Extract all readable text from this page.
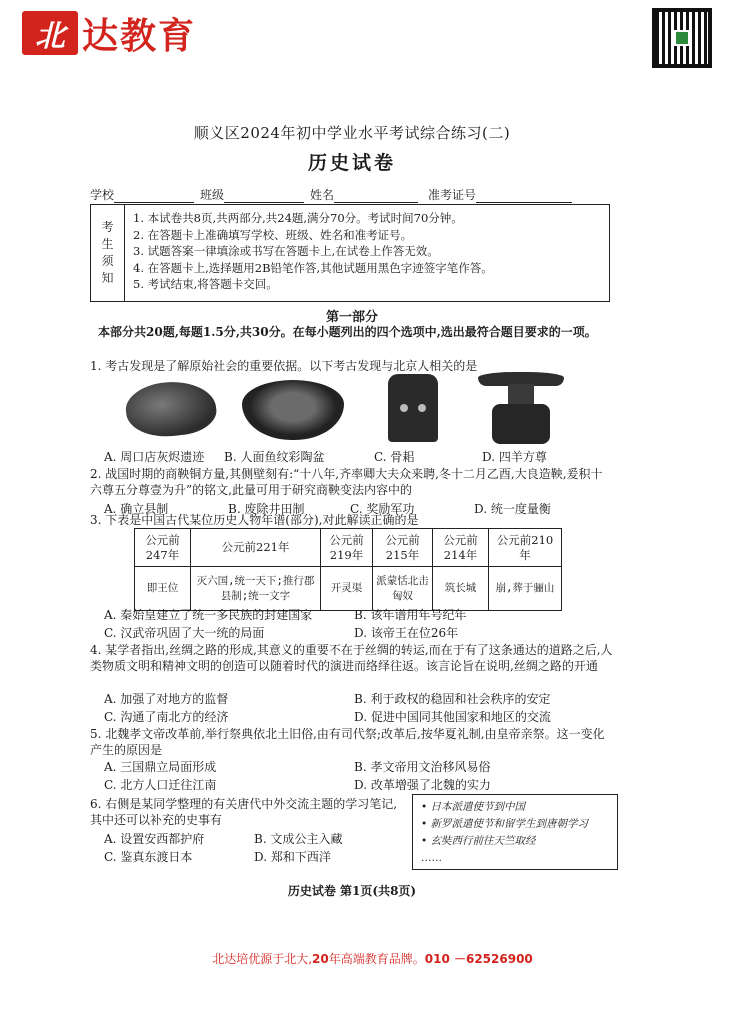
北 达教育
顺义区2024年初中学业水平考试综合练习(二)
历史试卷
学校	班级	姓名	准考证号
考
生
须
知
1. 本试卷共8页,共两部分,共24题,满分70分。考试时间70分钟。
2. 在答题卡上准确填写学校、班级、姓名和准考证号。
3. 试题答案一律填涂或书写在答题卡上,在试卷上作答无效。
4. 在答题卡上,选择题用2B铅笔作答,其他试题用黑色字迹签字笔作答。
5. 考试结束,将答题卡交回。
第一部分
本部分共20题,每题1.5分,共30分。在每小题列出的四个选项中,选出最符合题目要求的一项。
1. 考古发现是了解原始社会的重要依据。以下考古发现与北京人相关的是
A. 周口店灰烬遗迹	B. 人面鱼纹彩陶盆	C. 骨耜	D. 四羊方尊
2. 战国时期的商鞅铜方量,其侧壁刻有:“十八年,齐率卿大夫众来聘,冬十二月乙酉,大良造鞅,爰积十六尊五分尊壹为升”的铭文,此量可用于研究商鞅变法内容中的
A. 确立县制	B. 废除井田制	C. 奖励军功	D. 统一度量衡
3. 下表是中国古代某位历史人物年谱(部分),对此解读正确的是
公元前247年	公元前221年	公元前219年	公元前215年	公元前214年	公元前210年
即王位	灭六国,统一天下;推行郡县制;统一文字	开灵渠	派蒙恬北击匈奴	筑长城	崩,葬于骊山
A. 秦始皇建立了统一多民族的封建国家	B. 该年谱用年号纪年
C. 汉武帝巩固了大一统的局面	D. 该帝王在位26年
4. 某学者指出,丝绸之路的形成,其意义的重要不在于丝绸的转运,而在于有了这条通达的道路之后,人类物质文明和精神文明的创造可以随着时代的演进而络绎往返。该言论旨在说明,丝绸之路的开通
A. 加强了对地方的监督	B. 利于政权的稳固和社会秩序的安定
C. 沟通了南北方的经济	D. 促进中国同其他国家和地区的交流
5. 北魏孝文帝改革前,举行祭典依北土旧俗,由有司代祭;改革后,按华夏礼制,由皇帝亲祭。这一变化产生的原因是
A. 三国鼎立局面形成	B. 孝文帝用文治移风易俗
C. 北方人口迁往江南	D. 改革增强了北魏的实力
6. 右侧是某同学整理的有关唐代中外交流主题的学习笔记,其中还可以补充的史事有
A. 设置安西都护府	B. 文成公主入藏
C. 鉴真东渡日本	D. 郑和下西洋
• 日本派遣使节到中国
• 新罗派遣使节和留学生到唐朝学习
• 玄奘西行前往天竺取经
……
历史试卷 第1页(共8页)
北达培优源于北大,20年高端教育品牌。010 －62526900
